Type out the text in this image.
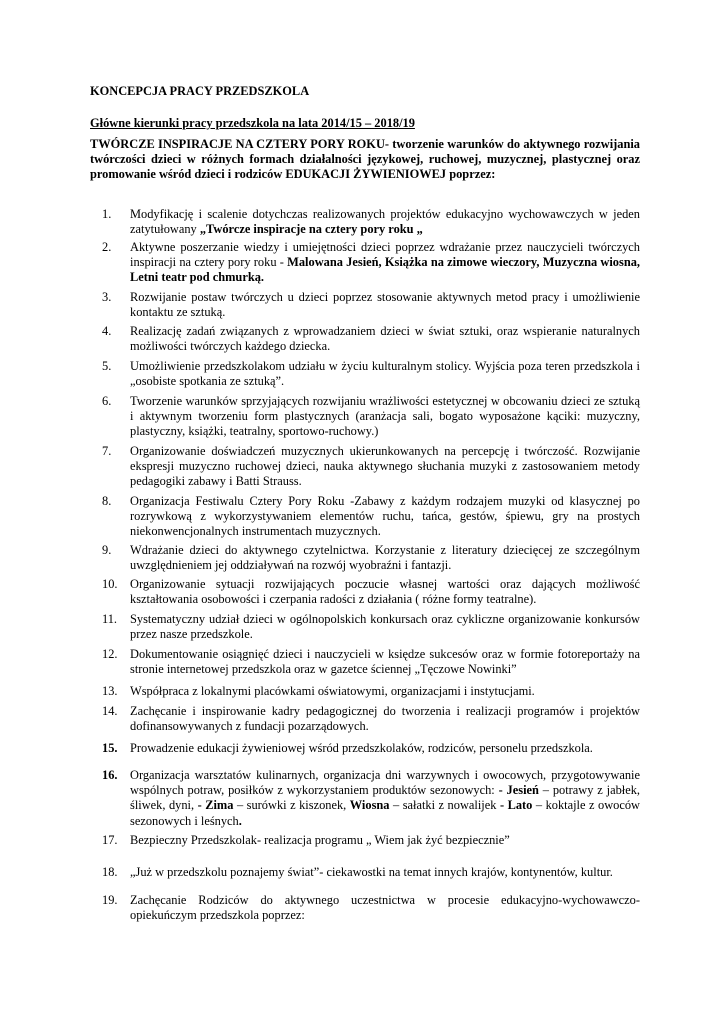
KONCEPCJA PRACY PRZEDSZKOLA
Główne kierunki pracy przedszkola na lata 2014/15 – 2018/19
TWÓRCZE INSPIRACJE NA CZTERY PORY ROKU- tworzenie warunków do aktywnego rozwijania twórczości dzieci w różnych formach działalności językowej, ruchowej, muzycznej, plastycznej oraz promowanie wśród dzieci i rodziców EDUKACJI ŻYWIENIOWEJ poprzez:
1.	Modyfikację i scalenie dotychczas realizowanych projektów edukacyjno wychowawczych w jeden zatytułowany „Twórcze inspiracje na cztery pory roku „
2.	Aktywne poszerzanie wiedzy i umiejętności dzieci poprzez wdrażanie przez nauczycieli twórczych inspiracji na cztery pory roku - Malowana Jesień, Książka na zimowe wieczory, Muzyczna wiosna, Letni teatr pod chmurką.
3.	Rozwijanie postaw twórczych u dzieci poprzez stosowanie aktywnych metod pracy i umożliwienie kontaktu ze sztuką.
4.	Realizację zadań związanych z wprowadzaniem dzieci w świat sztuki, oraz wspieranie naturalnych możliwości twórczych każdego dziecka.
5.	Umożliwienie przedszkolakom udziału w życiu kulturalnym stolicy. Wyjścia poza teren przedszkola i „osobiste spotkania ze sztuką”.
6.	Tworzenie warunków sprzyjających rozwijaniu wrażliwości estetycznej w obcowaniu dzieci ze sztuką i aktywnym tworzeniu form plastycznych (aranżacja sali, bogato wyposażone kąciki: muzyczny, plastyczny, książki, teatralny, sportowo-ruchowy.)
7.	Organizowanie doświadczeń muzycznych ukierunkowanych na percepcję i twórczość. Rozwijanie ekspresji muzyczno ruchowej dzieci, nauka aktywnego słuchania muzyki z zastosowaniem metody pedagogiki zabawy i Batti Strauss.
8.	Organizacja Festiwalu Cztery Pory Roku -Zabawy z każdym rodzajem muzyki od klasycznej po rozrywkową z wykorzystywaniem elementów ruchu, tańca, gestów, śpiewu, gry na prostych niekonwencjonalnych instrumentach muzycznych.
9.	Wdrażanie dzieci do aktywnego czytelnictwa. Korzystanie z literatury dziecięcej ze szczególnym uwzględnieniem jej oddziaływań na rozwój wyobraźni i fantazji.
10.	Organizowanie sytuacji rozwijających poczucie własnej wartości oraz dających możliwość kształtowania osobowości i czerpania radości z działania ( różne formy teatralne).
11.	Systematyczny udział dzieci w ogólnopolskich konkursach oraz cykliczne organizowanie konkursów przez nasze przedszkole.
12.	Dokumentowanie osiągnięć dzieci i nauczycieli w księdze sukcesów oraz w formie fotoreportaży na stronie internetowej przedszkola oraz w gazetce ściennej „Tęczowe Nowinki”
13.	Współpraca z lokalnymi placówkami oświatowymi, organizacjami i instytucjami.
14.	Zachęcanie i inspirowanie kadry pedagogicznej do tworzenia i realizacji programów i projektów dofinansowywanych z fundacji pozarządowych.
15.	Prowadzenie edukacji żywieniowej wśród przedszkolaków, rodziców, personelu przedszkola.
16.	Organizacja warsztatów kulinarnych, organizacja dni warzywnych i owocowych, przygotowywanie wspólnych potraw, posiłków z wykorzystaniem produktów sezonowych: - Jesień – potrawy z jabłek, śliwek, dyni, - Zima – surówki z kiszonek, Wiosna – sałatki z nowalijek - Lato – koktajle z owoców sezonowych i leśnych.
17.	Bezpieczny Przedszkolak- realizacja programu „ Wiem jak żyć bezpiecznie”
18.	„Już w przedszkolu poznajemy świat”- ciekawostki na temat innych krajów, kontynentów, kultur.
19.	Zachęcanie Rodziców do aktywnego uczestnictwa w procesie edukacyjno-wychowawczo-opiekuńczym przedszkola poprzez:
